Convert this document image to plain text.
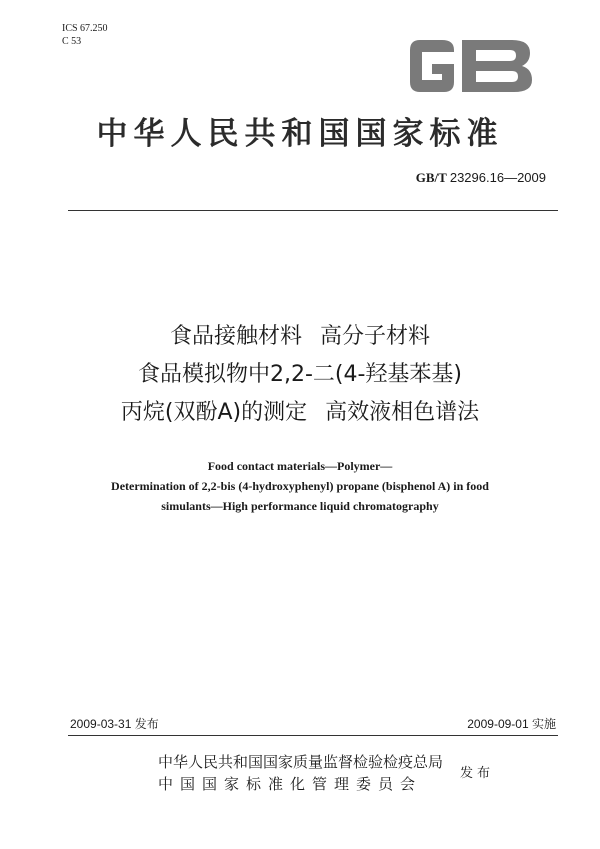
ICS 67.250
C 53
中华人民共和国国家标准
GB/T 23296.16—2009
食品接触材料 高分子材料
食品模拟物中2,2-二(4-羟基苯基)
丙烷(双酚A)的测定 高效液相色谱法
Food contact materials—Polymer—
Determination of 2,2-bis (4-hydroxyphenyl) propane (bisphenol A) in food
simulants—High performance liquid chromatography
2009-03-31 发布	2009-09-01 实施
中华人民共和国国家质量监督检验检疫总局
中国国家标准化管理委员会
发布
